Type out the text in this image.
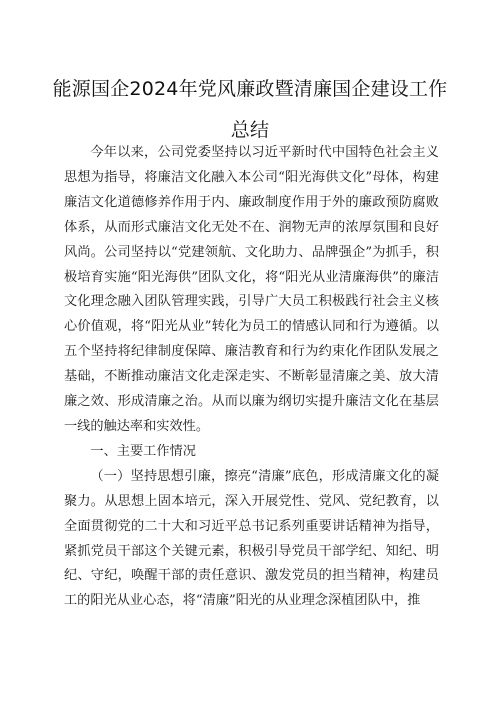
能源国企2024年党风廉政暨清廉国企建设工作
总结

今年以来，公司党委坚持以习近平新时代中国特色社会主义思想为指导，将廉洁文化融入本公司“阳光海供文化”母体，构建廉洁文化道德修养作用于内、廉政制度作用于外的廉政预防腐败体系，从而形式廉洁文化无处不在、润物无声的浓厚氛围和良好风尚。公司坚持以“党建领航、文化助力、品牌强企”为抓手，积极培育实施“阳光海供”团队文化，将“阳光从业清廉海供”的廉洁文化理念融入团队管理实践，引导广大员工积极践行社会主义核心价值观，将“阳光从业”转化为员工的情感认同和行为遵循。以五个坚持将纪律制度保障、廉洁教育和行为约束化作团队发展之基础，不断推动廉洁文化走深走实、不断彰显清廉之美、放大清廉之效、形成清廉之治。从而以廉为纲切实提升廉洁文化在基层一线的触达率和实效性。

一、主要工作情况

（一）坚持思想引廉，擦亮“清廉”底色，形成清廉文化的凝聚力。从思想上固本培元，深入开展党性、党风、党纪教育，以全面贯彻党的二十大和习近平总书记系列重要讲话精神为指导，紧抓党员干部这个关键元素，积极引导党员干部学纪、知纪、明纪、守纪，唤醒干部的责任意识、激发党员的担当精神，构建员工的阳光从业心态，将“清廉”阳光的从业理念深植团队中，推
